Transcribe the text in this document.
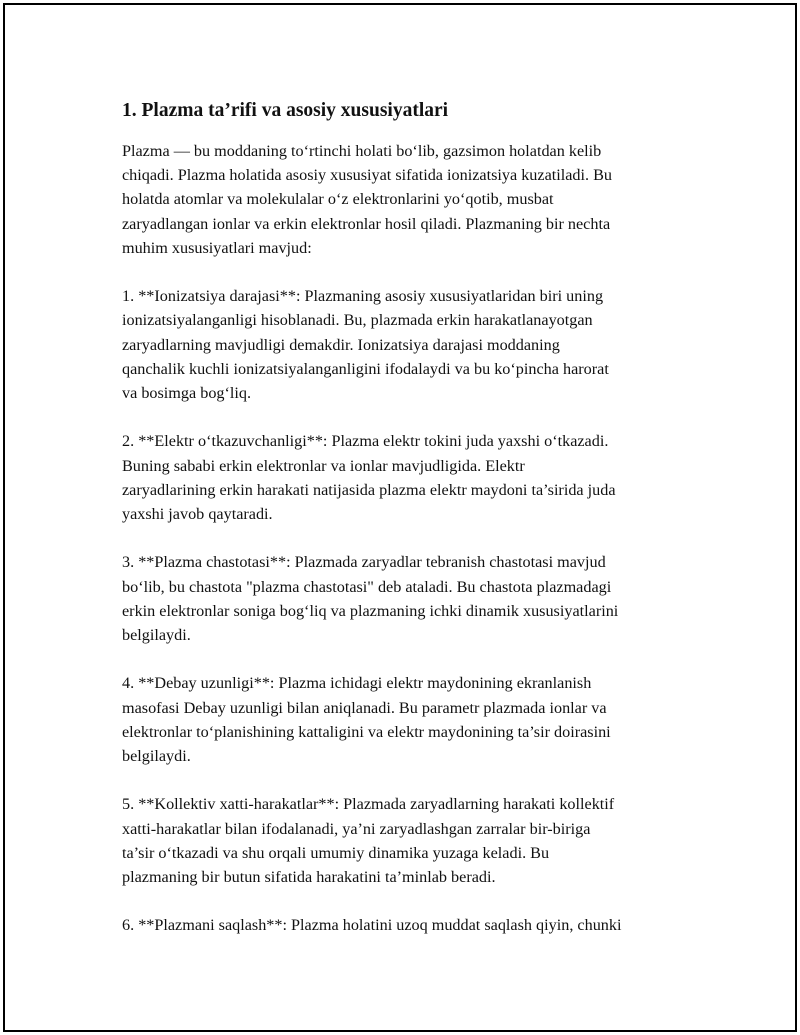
1. Plazma ta’rifi va asosiy xususiyatlari

Plazma — bu moddaning to‘rtinchi holati bo‘lib, gazsimon holatdan kelib
chiqadi. Plazma holatida asosiy xususiyat sifatida ionizatsiya kuzatiladi. Bu
holatda atomlar va molekulalar o‘z elektronlarini yo‘qotib, musbat
zaryadlangan ionlar va erkin elektronlar hosil qiladi. Plazmaning bir nechta
muhim xususiyatlari mavjud:

1. **Ionizatsiya darajasi**: Plazmaning asosiy xususiyatlaridan biri uning
ionizatsiyalanganligi hisoblanadi. Bu, plazmada erkin harakatlanayotgan
zaryadlarning mavjudligi demakdir. Ionizatsiya darajasi moddaning
qanchalik kuchli ionizatsiyalanganligini ifodalaydi va bu ko‘pincha harorat
va bosimga bog‘liq.

2. **Elektr o‘tkazuvchanligi**: Plazma elektr tokini juda yaxshi o‘tkazadi.
Buning sababi erkin elektronlar va ionlar mavjudligida. Elektr
zaryadlarining erkin harakati natijasida plazma elektr maydoni ta’sirida juda
yaxshi javob qaytaradi.

3. **Plazma chastotasi**: Plazmada zaryadlar tebranish chastotasi mavjud
bo‘lib, bu chastota "plazma chastotasi" deb ataladi. Bu chastota plazmadagi
erkin elektronlar soniga bog‘liq va plazmaning ichki dinamik xususiyatlarini
belgilaydi.

4. **Debay uzunligi**: Plazma ichidagi elektr maydonining ekranlanish
masofasi Debay uzunligi bilan aniqlanadi. Bu parametr plazmada ionlar va
elektronlar to‘planishining kattaligini va elektr maydonining ta’sir doirasini
belgilaydi.

5. **Kollektiv xatti-harakatlar**: Plazmada zaryadlarning harakati kollektif
xatti-harakatlar bilan ifodalanadi, ya’ni zaryadlashgan zarralar bir-biriga
ta’sir o‘tkazadi va shu orqali umumiy dinamika yuzaga keladi. Bu
plazmaning bir butun sifatida harakatini ta’minlab beradi.

6. **Plazmani saqlash**: Plazma holatini uzoq muddat saqlash qiyin, chunki
